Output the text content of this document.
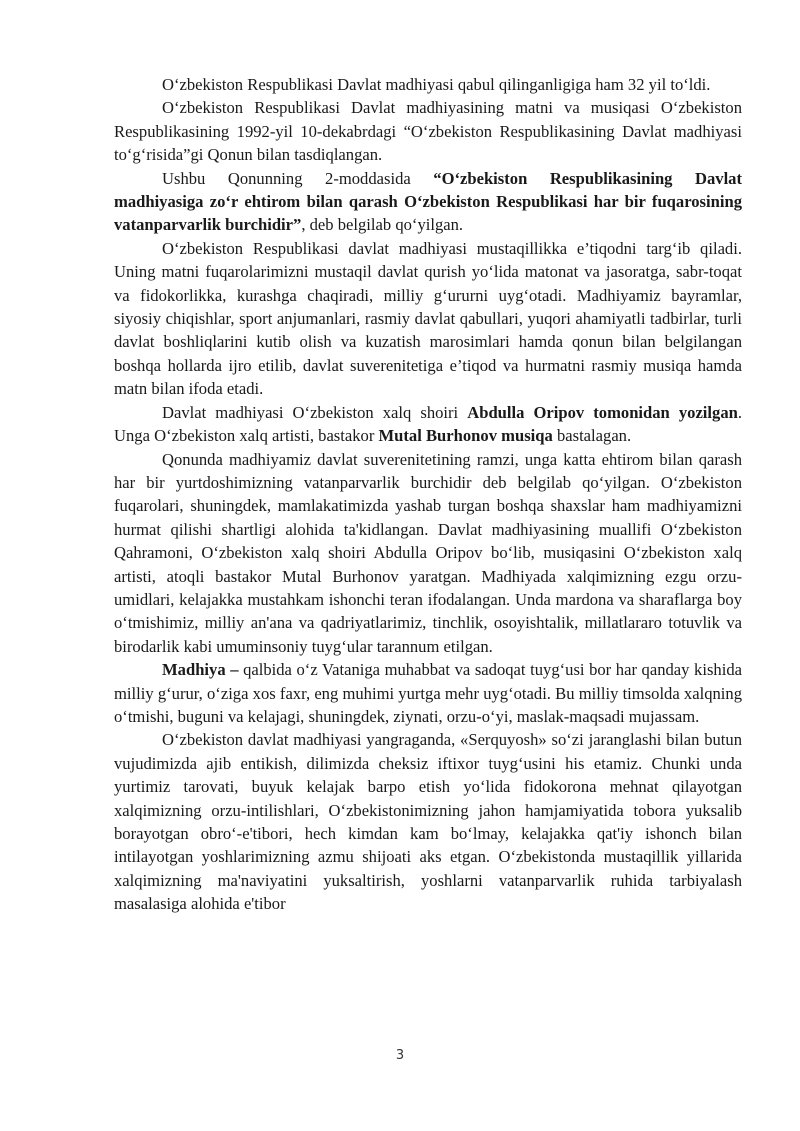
O‘zbekiston Respublikasi Davlat madhiyasi qabul qilinganligiga ham 32 yil to‘ldi.

O‘zbekiston Respublikasi Davlat madhiyasining matni va musiqasi O‘zbekiston Respublikasining 1992-yil 10-dekabrdagi “O‘zbekiston Respublikasining Davlat madhiyasi to‘g‘risida”gi Qonun bilan tasdiqlangan.

Ushbu Qonunning 2-moddasida “O‘zbekiston Respublikasining Davlat madhiyasiga zo‘r ehtirom bilan qarash O‘zbekiston Respublikasi har bir fuqarosining vatanparvarlik burchidir”, deb belgilab qo‘yilgan.

O‘zbekiston Respublikasi davlat madhiyasi mustaqillikka e’tiqodni targ‘ib qiladi. Uning matni fuqarolarimizni mustaqil davlat qurish yo‘lida matonat va jasoratga, sabr-toqat va fidokorlikka, kurashga chaqiradi, milliy g‘ururni uyg‘otadi. Madhiyamiz bayramlar, siyosiy chiqishlar, sport anjumanlari, rasmiy davlat qabullari, yuqori ahamiyatli tadbirlar, turli davlat boshliqlarini kutib olish va kuzatish marosimlari hamda qonun bilan belgilangan boshqa hollarda ijro etilib, davlat suverenitetiga e’tiqod va hurmatni rasmiy musiqa hamda matn bilan ifoda etadi.

Davlat madhiyasi O‘zbekiston xalq shoiri Abdulla Oripov tomonidan yozilgan. Unga O‘zbekiston xalq artisti, bastakor Mutal Burhonov musiqa bastalagan.

Qonunda madhiyamiz davlat suverenitetining ramzi, unga katta ehtirom bilan qarash har bir yurtdoshimizning vatanparvarlik burchidir deb belgilab qo‘yilgan. O‘zbekiston fuqarolari, shuningdek, mamlakatimizda yashab turgan boshqa shaxslar ham madhiyamizni hurmat qilishi shartligi alohida ta'kidlangan. Davlat madhiyasining muallifi O‘zbekiston Qahramoni, O‘zbekiston xalq shoiri Abdulla Oripov bo‘lib, musiqasini O‘zbekiston xalq artisti, atoqli bastakor Mutal Burhonov yaratgan. Madhiyada xalqimizning ezgu orzu-umidlari, kelajakka mustahkam ishonchi teran ifodalangan. Unda mardona va sharaflarga boy o‘tmishimiz, milliy an'ana va qadriyatlarimiz, tinchlik, osoyishtalik, millatlararo totuvlik va birodarlik kabi umuminsoniy tuyg‘ular tarannum etilgan.

Madhiya – qalbida o‘z Vataniga muhabbat va sadoqat tuyg‘usi bor har qanday kishida milliy g‘urur, o‘ziga xos faxr, eng muhimi yurtga mehr uyg‘otadi. Bu milliy timsolda xalqning o‘tmishi, buguni va kelajagi, shuningdek, ziynati, orzu-o‘yi, maslak-maqsadi mujassam.

O‘zbekiston davlat madhiyasi yangraganda, «Serquyosh» so‘zi jaranglashi bilan butun vujudimizda ajib entikish, dilimizda cheksiz iftixor tuyg‘usini his etamiz. Chunki unda yurtimiz tarovati, buyuk kelajak barpo etish yo‘lida fidokorona mehnat qilayotgan xalqimizning orzu-intilishlari, O‘zbekistonimizning jahon hamjamiyatida tobora yuksalib borayotgan obro‘-e'tibori, hech kimdan kam bo‘lmay, kelajakka qat'iy ishonch bilan intilayotgan yoshlarimizning azmu shijoati aks etgan. O‘zbekistonda mustaqillik yillarida xalqimizning ma'naviyatini yuksaltirish, yoshlarni vatanparvarlik ruhida tarbiyalash masalasiga alohida e'tibor

3
